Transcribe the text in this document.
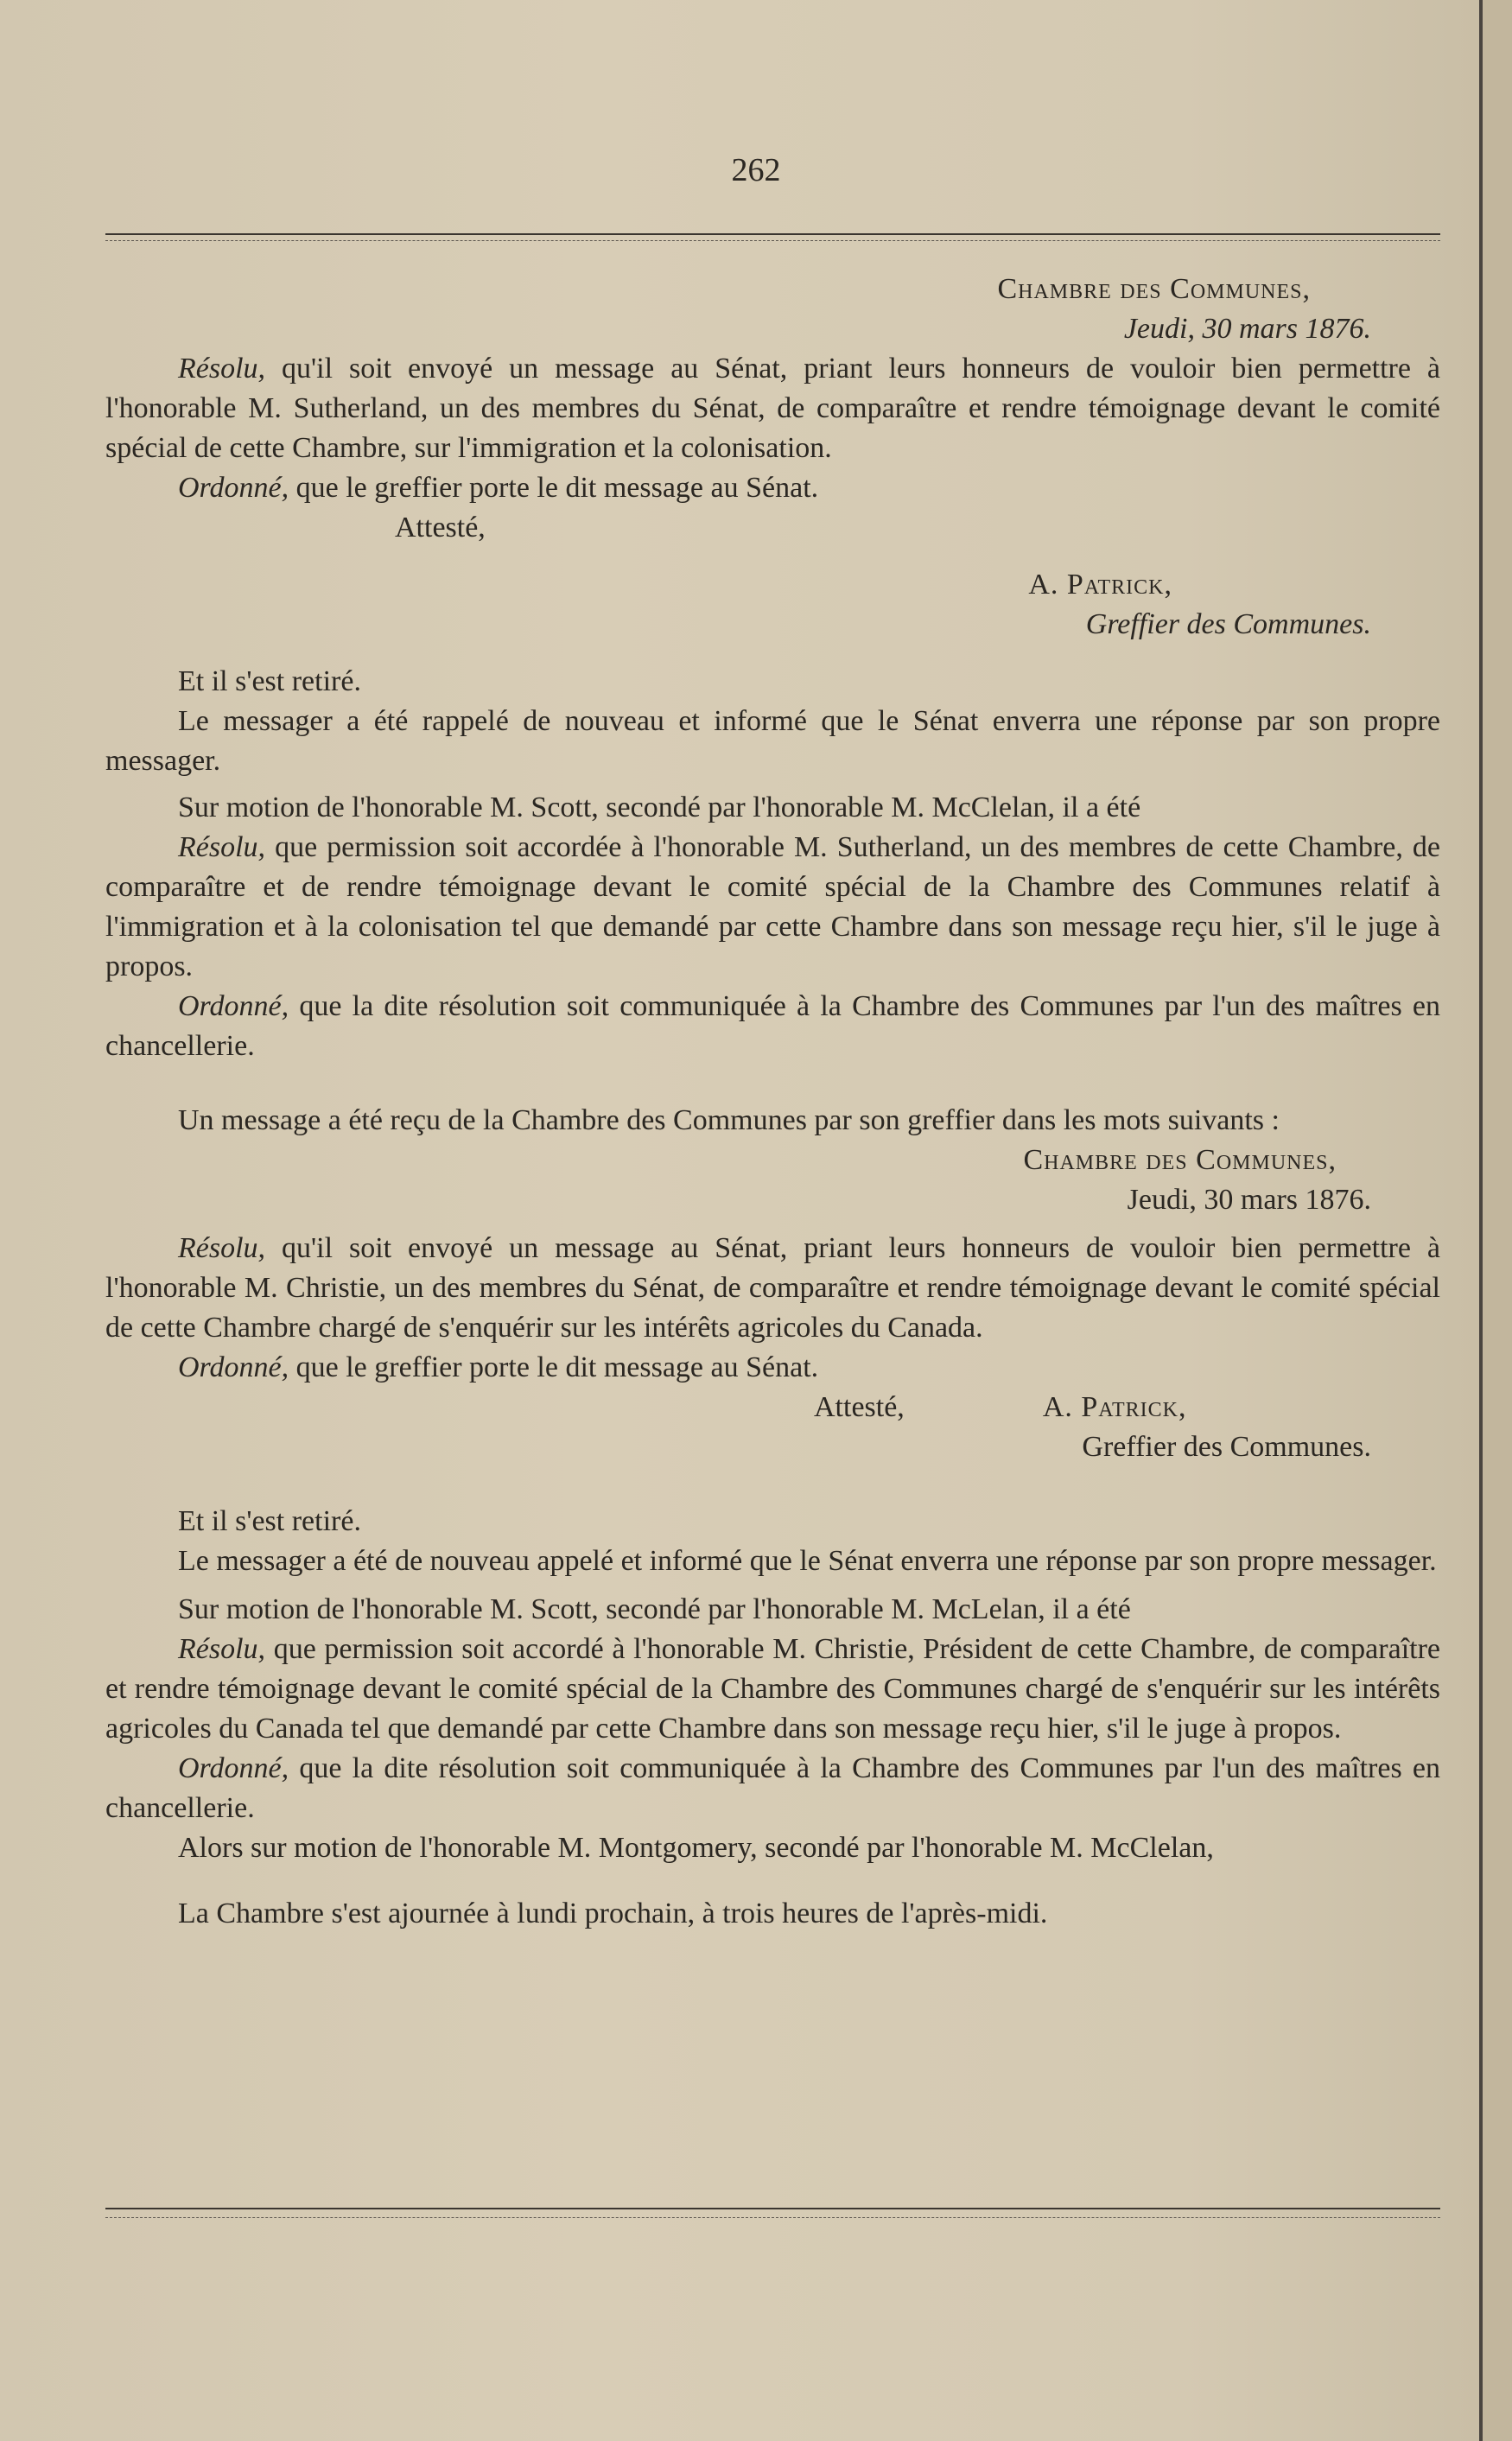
262

Chambre des Communes,

Jeudi, 30 mars 1876.

Résolu, qu'il soit envoyé un message au Sénat, priant leurs honneurs de vouloir bien permettre à l'honorable M. Sutherland, un des membres du Sénat, de comparaître et rendre témoignage devant le comité spécial de cette Chambre, sur l'immigration et la colonisation.

Ordonné, que le greffier porte le dit message au Sénat.

Attesté,

A. Patrick,

Greffier des Communes.

Et il s'est retiré.

Le messager a été rappelé de nouveau et informé que le Sénat enverra une réponse par son propre messager.

Sur motion de l'honorable M. Scott, secondé par l'honorable M. McClelan, il a été

Résolu, que permission soit accordée à l'honorable M. Sutherland, un des membres de cette Chambre, de comparaître et de rendre témoignage devant le comité spécial de la Chambre des Communes relatif à l'immigration et à la colonisation tel que demandé par cette Chambre dans son message reçu hier, s'il le juge à propos.

Ordonné, que la dite résolution soit communiquée à la Chambre des Communes par l'un des maîtres en chancellerie.

Un message a été reçu de la Chambre des Communes par son greffier dans les mots suivants :

Chambre des Communes,

Jeudi, 30 mars 1876.

Résolu, qu'il soit envoyé un message au Sénat, priant leurs honneurs de vouloir bien permettre à l'honorable M. Christie, un des membres du Sénat, de comparaître et rendre témoignage devant le comité spécial de cette Chambre chargé de s'enquérir sur les intérêts agricoles du Canada.

Ordonné, que le greffier porte le dit message au Sénat.

Attesté,	A. Patrick,

Greffier des Communes.

Et il s'est retiré.

Le messager a été de nouveau appelé et informé que le Sénat enverra une réponse par son propre messager.

Sur motion de l'honorable M. Scott, secondé par l'honorable M. McLelan, il a été

Résolu, que permission soit accordé à l'honorable M. Christie, Président de cette Chambre, de comparaître et rendre témoignage devant le comité spécial de la Chambre des Communes chargé de s'enquérir sur les intérêts agricoles du Canada tel que demandé par cette Chambre dans son message reçu hier, s'il le juge à propos.

Ordonné, que la dite résolution soit communiquée à la Chambre des Communes par l'un des maîtres en chancellerie.

Alors sur motion de l'honorable M. Montgomery, secondé par l'honorable M. McClelan,

La Chambre s'est ajournée à lundi prochain, à trois heures de l'après-midi.
